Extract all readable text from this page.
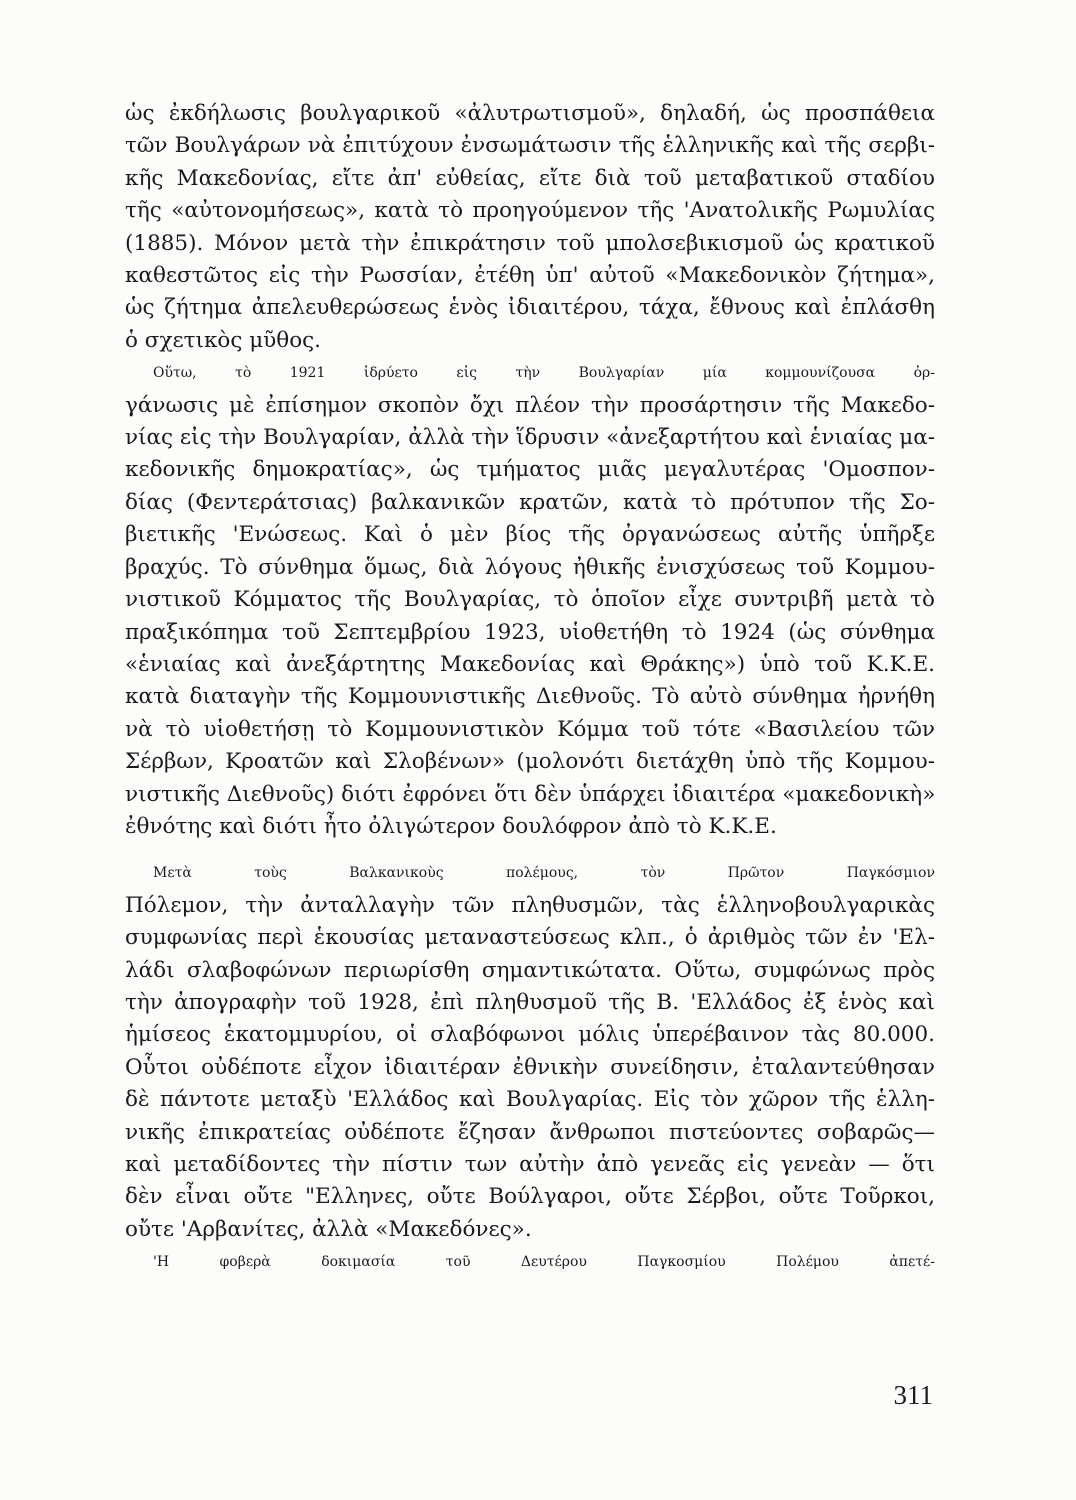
ὡς ἐκδήλωσις βουλγαρικοῦ «ἀλυτρωτισμοῦ», δηλαδή, ὡς προσπάθεια
τῶν Βουλγάρων νὰ ἐπιτύχουν ἐνσωμάτωσιν τῆς ἑλληνικῆς καὶ τῆς σερβι-
κῆς Μακεδονίας, εἴτε ἀπ' εὐθείας, εἴτε διὰ τοῦ μεταβατικοῦ σταδίου
τῆς «αὐτονομήσεως», κατὰ τὸ προηγούμενον τῆς 'Ανατολικῆς Ρωμυλίας
(1885). Μόνον μετὰ τὴν ἐπικράτησιν τοῦ μπολσεβικισμοῦ ὡς κρατικοῦ
καθεστῶτος εἰς τὴν Ρωσσίαν, ἐτέθη ὑπ' αὐτοῦ «Μακεδονικὸν ζήτημα»,
ὡς ζήτημα ἀπελευθερώσεως ἑνὸς ἰδιαιτέρου, τάχα, ἔθνους καὶ ἐπλάσθη
ὁ σχετικὸς μῦθος.

Οὕτω, τὸ 1921 ἱδρύετο εἰς τὴν Βουλγαρίαν μία κομμουνίζουσα ὀρ-
γάνωσις μὲ ἐπίσημον σκοπὸν ὄχι πλέον τὴν προσάρτησιν τῆς Μακεδο-
νίας εἰς τὴν Βουλγαρίαν, ἀλλὰ τὴν ἵδρυσιν «ἀνεξαρτήτου καὶ ἑνιαίας μα-
κεδονικῆς δημοκρατίας», ὡς τμήματος μιᾶς μεγαλυτέρας 'Ομοσπον-
δίας (Φεντεράτσιας) βαλκανικῶν κρατῶν, κατὰ τὸ πρότυπον τῆς Σο-
βιετικῆς 'Ενώσεως. Καὶ ὁ μὲν βίος τῆς ὀργανώσεως αὐτῆς ὑπῆρξε
βραχύς. Τὸ σύνθημα ὅμως, διὰ λόγους ἠθικῆς ἐνισχύσεως τοῦ Κομμου-
νιστικοῦ Κόμματος τῆς Βουλγαρίας, τὸ ὁποῖον εἶχε συντριβῆ μετὰ τὸ
πραξικόπημα τοῦ Σεπτεμβρίου 1923, υἱοθετήθη τὸ 1924 (ὡς σύνθημα
«ἑνιαίας καὶ ἀνεξάρτητης Μακεδονίας καὶ Θράκης») ὑπὸ τοῦ Κ.Κ.Ε.
κατὰ διαταγὴν τῆς Κομμουνιστικῆς Διεθνοῦς. Τὸ αὐτὸ σύνθημα ἠρνήθη
νὰ τὸ υἱοθετήσῃ τὸ Κομμουνιστικὸν Κόμμα τοῦ τότε «Βασιλείου τῶν
Σέρβων, Κροατῶν καὶ Σλοβένων» (μολονότι διετάχθη ὑπὸ τῆς Κομμου-
νιστικῆς Διεθνοῦς) διότι ἐφρόνει ὅτι δὲν ὑπάρχει ἰδιαιτέρα «μακεδονικὴ»
ἐθνότης καὶ διότι ἦτο ὀλιγώτερον δουλόφρον ἀπὸ τὸ Κ.Κ.Ε.

Μετὰ τοὺς Βαλκανικοὺς πολέμους, τὸν Πρῶτον Παγκόσμιον
Πόλεμον, τὴν ἀνταλλαγὴν τῶν πληθυσμῶν, τὰς ἑλληνοβουλγαρικὰς
συμφωνίας περὶ ἑκουσίας μεταναστεύσεως κλπ., ὁ ἀριθμὸς τῶν ἐν 'Ελ-
λάδι σλαβοφώνων περιωρίσθη σημαντικώτατα. Οὕτω, συμφώνως πρὸς
τὴν ἀπογραφὴν τοῦ 1928, ἐπὶ πληθυσμοῦ τῆς Β. 'Ελλάδος ἐξ ἑνὸς καὶ
ἡμίσεος ἑκατομμυρίου, οἱ σλαβόφωνοι μόλις ὑπερέβαινον τὰς 80.000.
Οὗτοι οὐδέποτε εἶχον ἰδιαιτέραν ἐθνικὴν συνείδησιν, ἐταλαντεύθησαν
δὲ πάντοτε μεταξὺ 'Ελλάδος καὶ Βουλγαρίας. Εἰς τὸν χῶρον τῆς ἑλλη-
νικῆς ἐπικρατείας οὐδέποτε ἔζησαν ἄνθρωποι πιστεύοντες σοβαρῶς—
καὶ μεταδίδοντες τὴν πίστιν των αὐτὴν ἀπὸ γενεᾶς εἰς γενεὰν — ὅτι
δὲν εἶναι οὔτε "Ελληνες, οὔτε Βούλγαροι, οὔτε Σέρβοι, οὔτε Τοῦρκοι,
οὔτε 'Αρβανίτες, ἀλλὰ «Μακεδόνες».

'Η φοβερὰ δοκιμασία τοῦ Δευτέρου Παγκοσμίου Πολέμου ἀπετέ-

311
